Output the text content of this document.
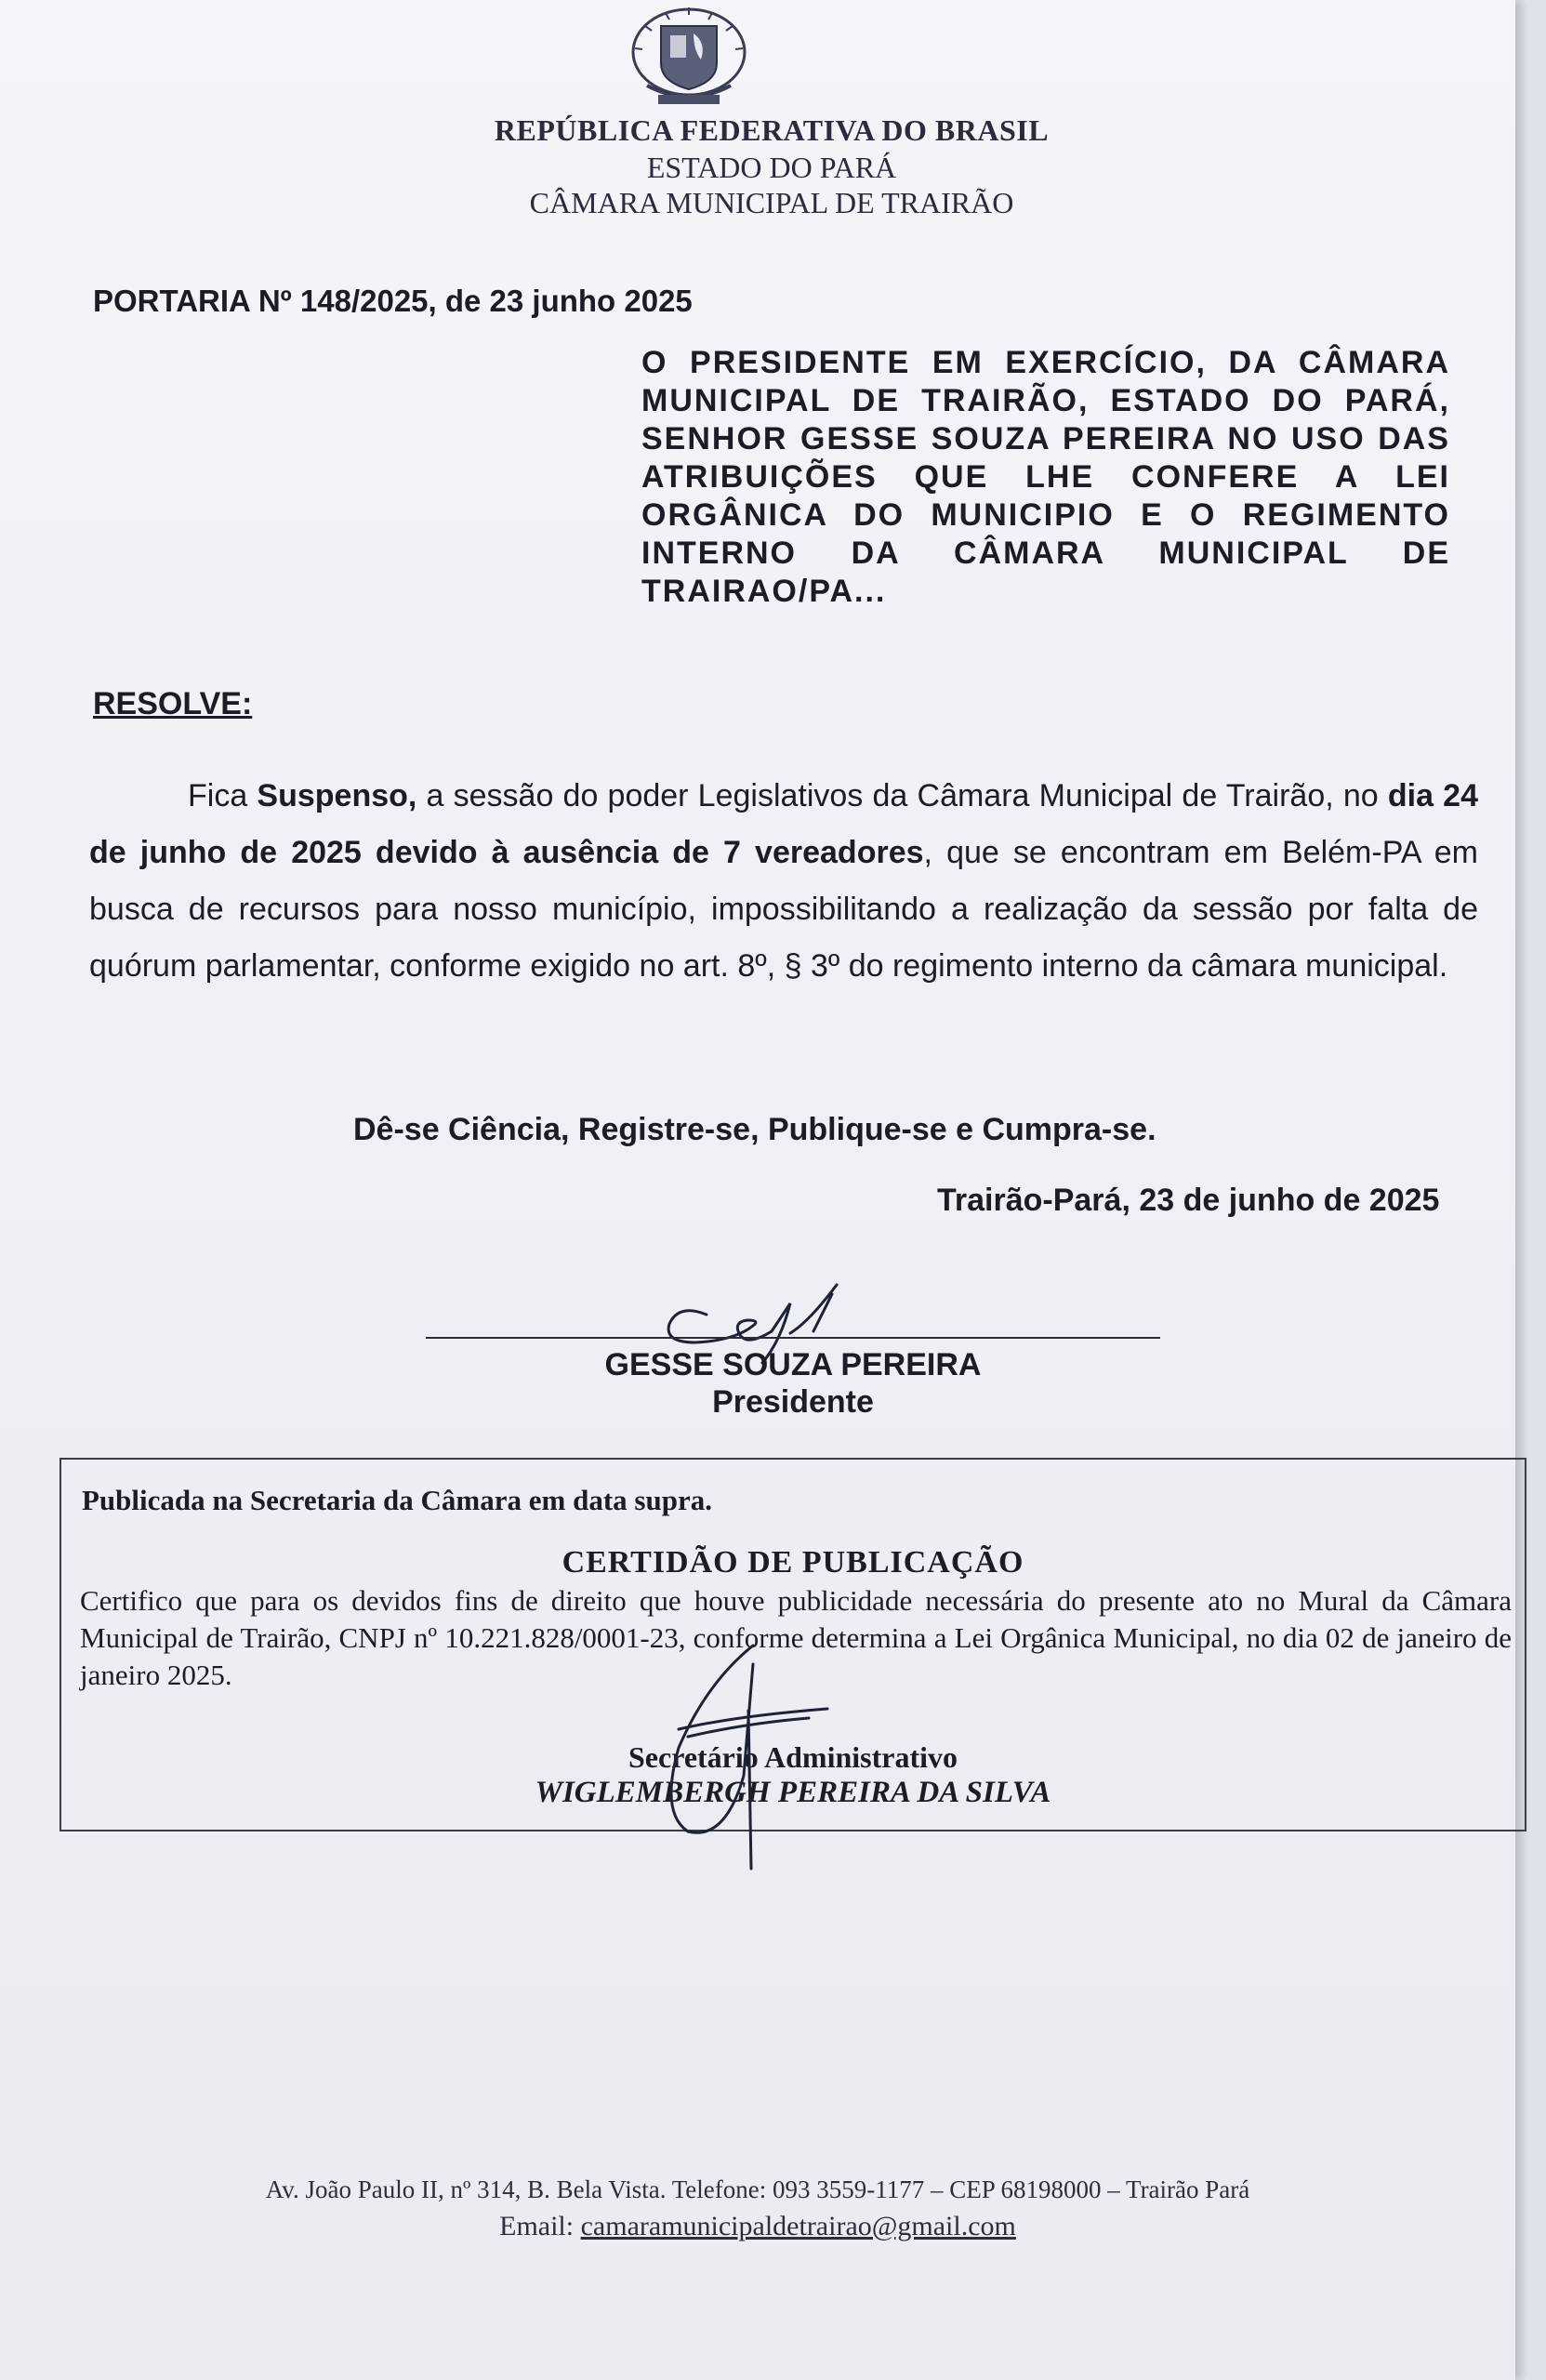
REPÚBLICA FEDERATIVA DO BRASIL
ESTADO DO PARÁ
CÂMARA MUNICIPAL DE TRAIRÃO
PORTARIA Nº 148/2025, de 23 junho 2025
O PRESIDENTE EM EXERCÍCIO, DA CÂMARA MUNICIPAL DE TRAIRÃO, ESTADO DO PARÁ, SENHOR GESSE SOUZA PEREIRA NO USO DAS ATRIBUIÇÕES QUE LHE CONFERE A LEI ORGÂNICA DO MUNICIPIO E O REGIMENTO INTERNO DA CÂMARA MUNICIPAL DE TRAIRAO/PA...
RESOLVE:
Fica Suspenso, a sessão do poder Legislativos da Câmara Municipal de Trairão, no dia 24 de junho de 2025 devido à ausência de 7 vereadores, que se encontram em Belém-PA em busca de recursos para nosso município, impossibilitando a realização da sessão por falta de quórum parlamentar, conforme exigido no art. 8º, § 3º do regimento interno da câmara municipal.
Dê-se Ciência, Registre-se, Publique-se e Cumpra-se.
Trairão-Pará, 23 de junho de 2025
GESSE SOUZA PEREIRA
Presidente
Publicada na Secretaria da Câmara em data supra.
CERTIDÃO DE PUBLICAÇÃO
Certifico que para os devidos fins de direito que houve publicidade necessária do presente ato no Mural da Câmara Municipal de Trairão, CNPJ nº 10.221.828/0001-23, conforme determina a Lei Orgânica Municipal, no dia 02 de janeiro de janeiro 2025.
Secretário Administrativo
WIGLEMBERGH PEREIRA DA SILVA
Av. João Paulo II, nº 314, B. Bela Vista. Telefone: 093 3559-1177 – CEP 68198000 – Trairão Pará
Email: camaramunicipaldetrairao@gmail.com
